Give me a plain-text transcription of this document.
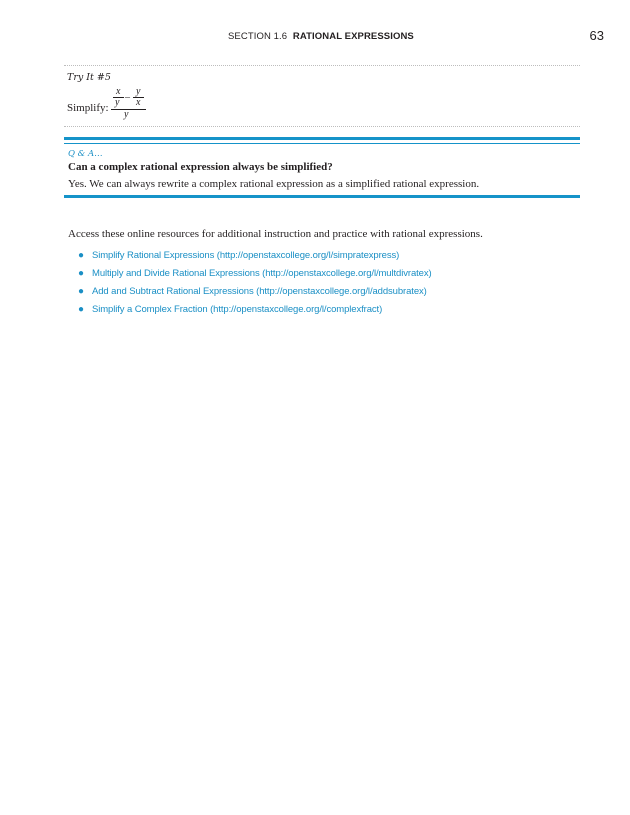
SECTION 1.6 RATIONAL EXPRESSIONS	63
Try It #5
x
y –
y
x
y
Simplify:
Q & A…
Can a complex rational expression always be simplified?
Yes. We can always rewrite a complex rational expression as a simplified rational expression.
Access these online resources for additional instruction and practice with rational expressions.
● Simplify Rational Expressions (http://openstaxcollege.org/l/simpratexpress)
● Multiply and Divide Rational Expressions (http://openstaxcollege.org/l/multdivratex)
● Add and Subtract Rational Expressions (http://openstaxcollege.org/l/addsubratex)
● Simplify a Complex Fraction (http://openstaxcollege.org/l/complexfract)
